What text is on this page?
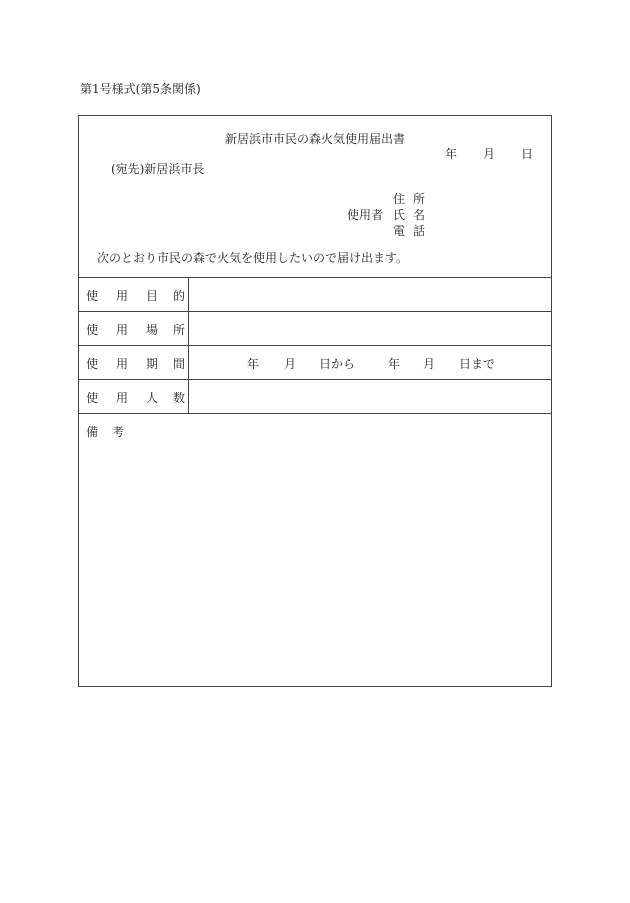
第1号様式(第5条関係)
新居浜市市民の森火気使用届出書
年 月 日
(宛先)新居浜市長
使用者
住所
氏名
電話
次のとおり市民の森で火気を使用したいので届け出ます。
使 用 目 的
使 用 場 所
使 用 期 間	年 月 日から	年 月 日まで
使 用 人 数
備 考
